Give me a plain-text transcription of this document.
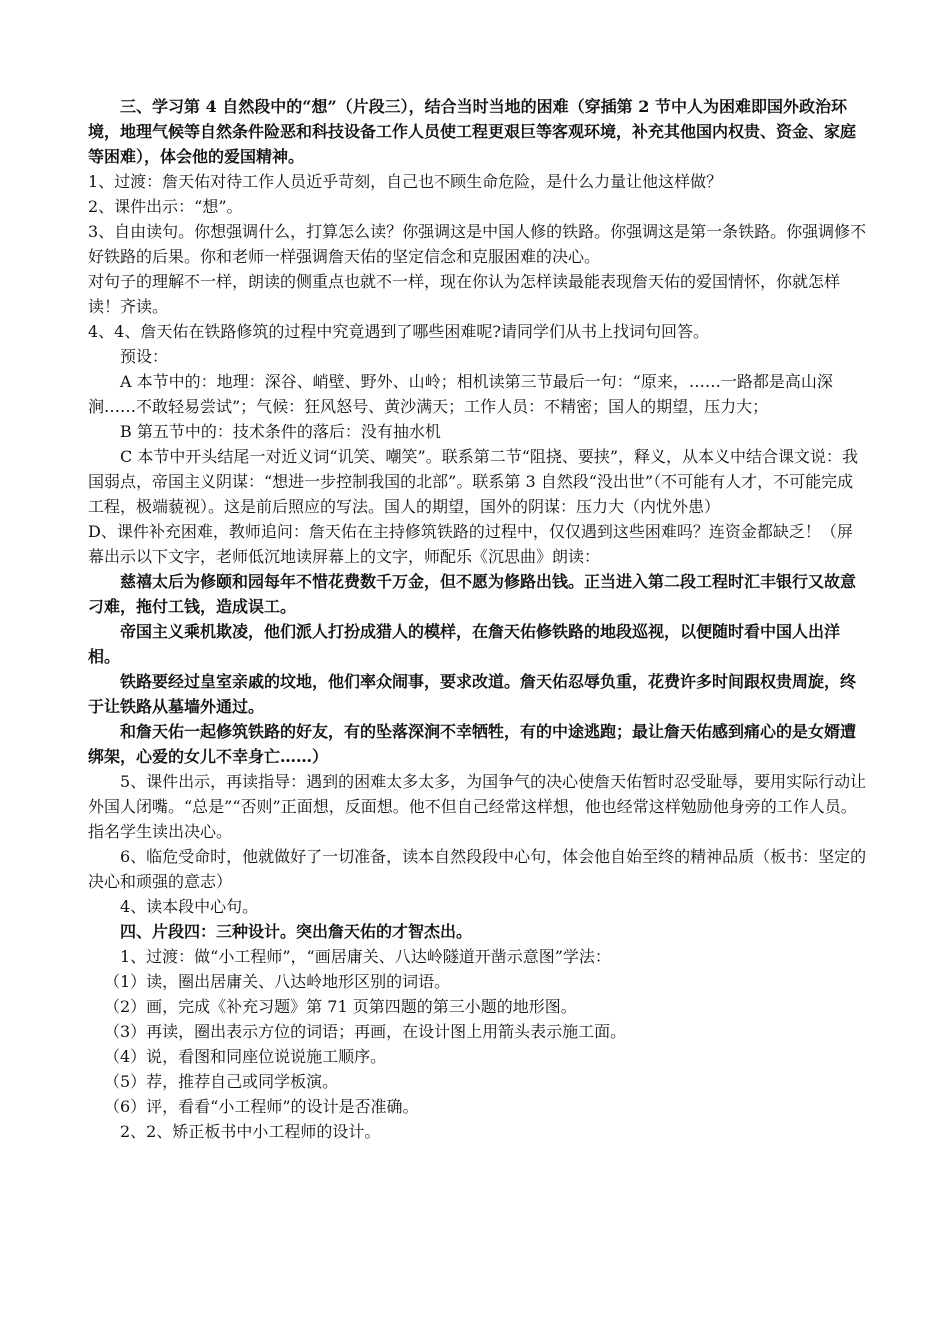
三、学习第 4 自然段中的“想”（片段三），结合当时当地的困难（穿插第 2 节中人为困难即国外政治环境，地理气候等自然条件险恶和科技设备工作人员使工程更艰巨等客观环境，补充其他国内权贵、资金、家庭等困难），体会他的爱国精神。

1、过渡：詹天佑对待工作人员近乎苛刻，自己也不顾生命危险，是什么力量让他这样做？

2、课件出示：“想”。

3、自由读句。你想强调什么，打算怎么读？你强调这是中国人修的铁路。你强调这是第一条铁路。你强调修不好铁路的后果。你和老师一样强调詹天佑的坚定信念和克服困难的决心。

对句子的理解不一样，朗读的侧重点也就不一样，现在你认为怎样读最能表现詹天佑的爱国情怀，你就怎样读！齐读。

4、4、詹天佑在铁路修筑的过程中究竟遇到了哪些困难呢?请同学们从书上找词句回答。

预设：

A 本节中的：地理：深谷、峭壁、野外、山岭；相机读第三节最后一句：“原来，……一路都是高山深涧……不敢轻易尝试”；气候：狂风怒号、黄沙满天；工作人员：不精密；国人的期望，压力大；

B 第五节中的：技术条件的落后：没有抽水机

C 本节中开头结尾一对近义词“讥笑、嘲笑”。联系第二节“阻挠、要挟”，释义，从本义中结合课文说：我国弱点，帝国主义阴谋：“想进一步控制我国的北部”。联系第 3 自然段“没出世”（不可能有人才，不可能完成工程，极端藐视）。这是前后照应的写法。国人的期望，国外的阴谋：压力大（内忧外患）

D、课件补充困难，教师追问：詹天佑在主持修筑铁路的过程中，仅仅遇到这些困难吗？连资金都缺乏！（屏幕出示以下文字，老师低沉地读屏幕上的文字，师配乐《沉思曲》朗读：

慈禧太后为修颐和园每年不惜花费数千万金，但不愿为修路出钱。正当进入第二段工程时汇丰银行又故意刁难，拖付工钱，造成误工。

帝国主义乘机欺凌，他们派人打扮成猎人的模样，在詹天佑修铁路的地段巡视，以便随时看中国人出洋相。

铁路要经过皇室亲戚的坟地，他们率众闹事，要求改道。詹天佑忍辱负重，花费许多时间跟权贵周旋，终于让铁路从墓墙外通过。

和詹天佑一起修筑铁路的好友，有的坠落深涧不幸牺牲，有的中途逃跑；最让詹天佑感到痛心的是女婿遭绑架，心爱的女儿不幸身亡……）

5、课件出示，再读指导：遇到的困难太多太多，为国争气的决心使詹天佑暂时忍受耻辱，要用实际行动让外国人闭嘴。“总是”“否则”正面想，反面想。他不但自己经常这样想，他也经常这样勉励他身旁的工作人员。指名学生读出决心。

6、临危受命时，他就做好了一切准备，读本自然段段中心句，体会他自始至终的精神品质（板书：坚定的决心和顽强的意志）

4、读本段中心句。

四、片段四：三种设计。突出詹天佑的才智杰出。

1、过渡：做“小工程师”，“画居庸关、八达岭隧道开凿示意图”学法：

（1）读，圈出居庸关、八达岭地形区别的词语。

（2）画，完成《补充习题》第 71 页第四题的第三小题的地形图。

（3）再读，圈出表示方位的词语；再画，在设计图上用箭头表示施工面。

（4）说，看图和同座位说说施工顺序。

（5）荐，推荐自己或同学板演。

（6）评，看看“小工程师”的设计是否准确。

2、2、矫正板书中小工程师的设计。
